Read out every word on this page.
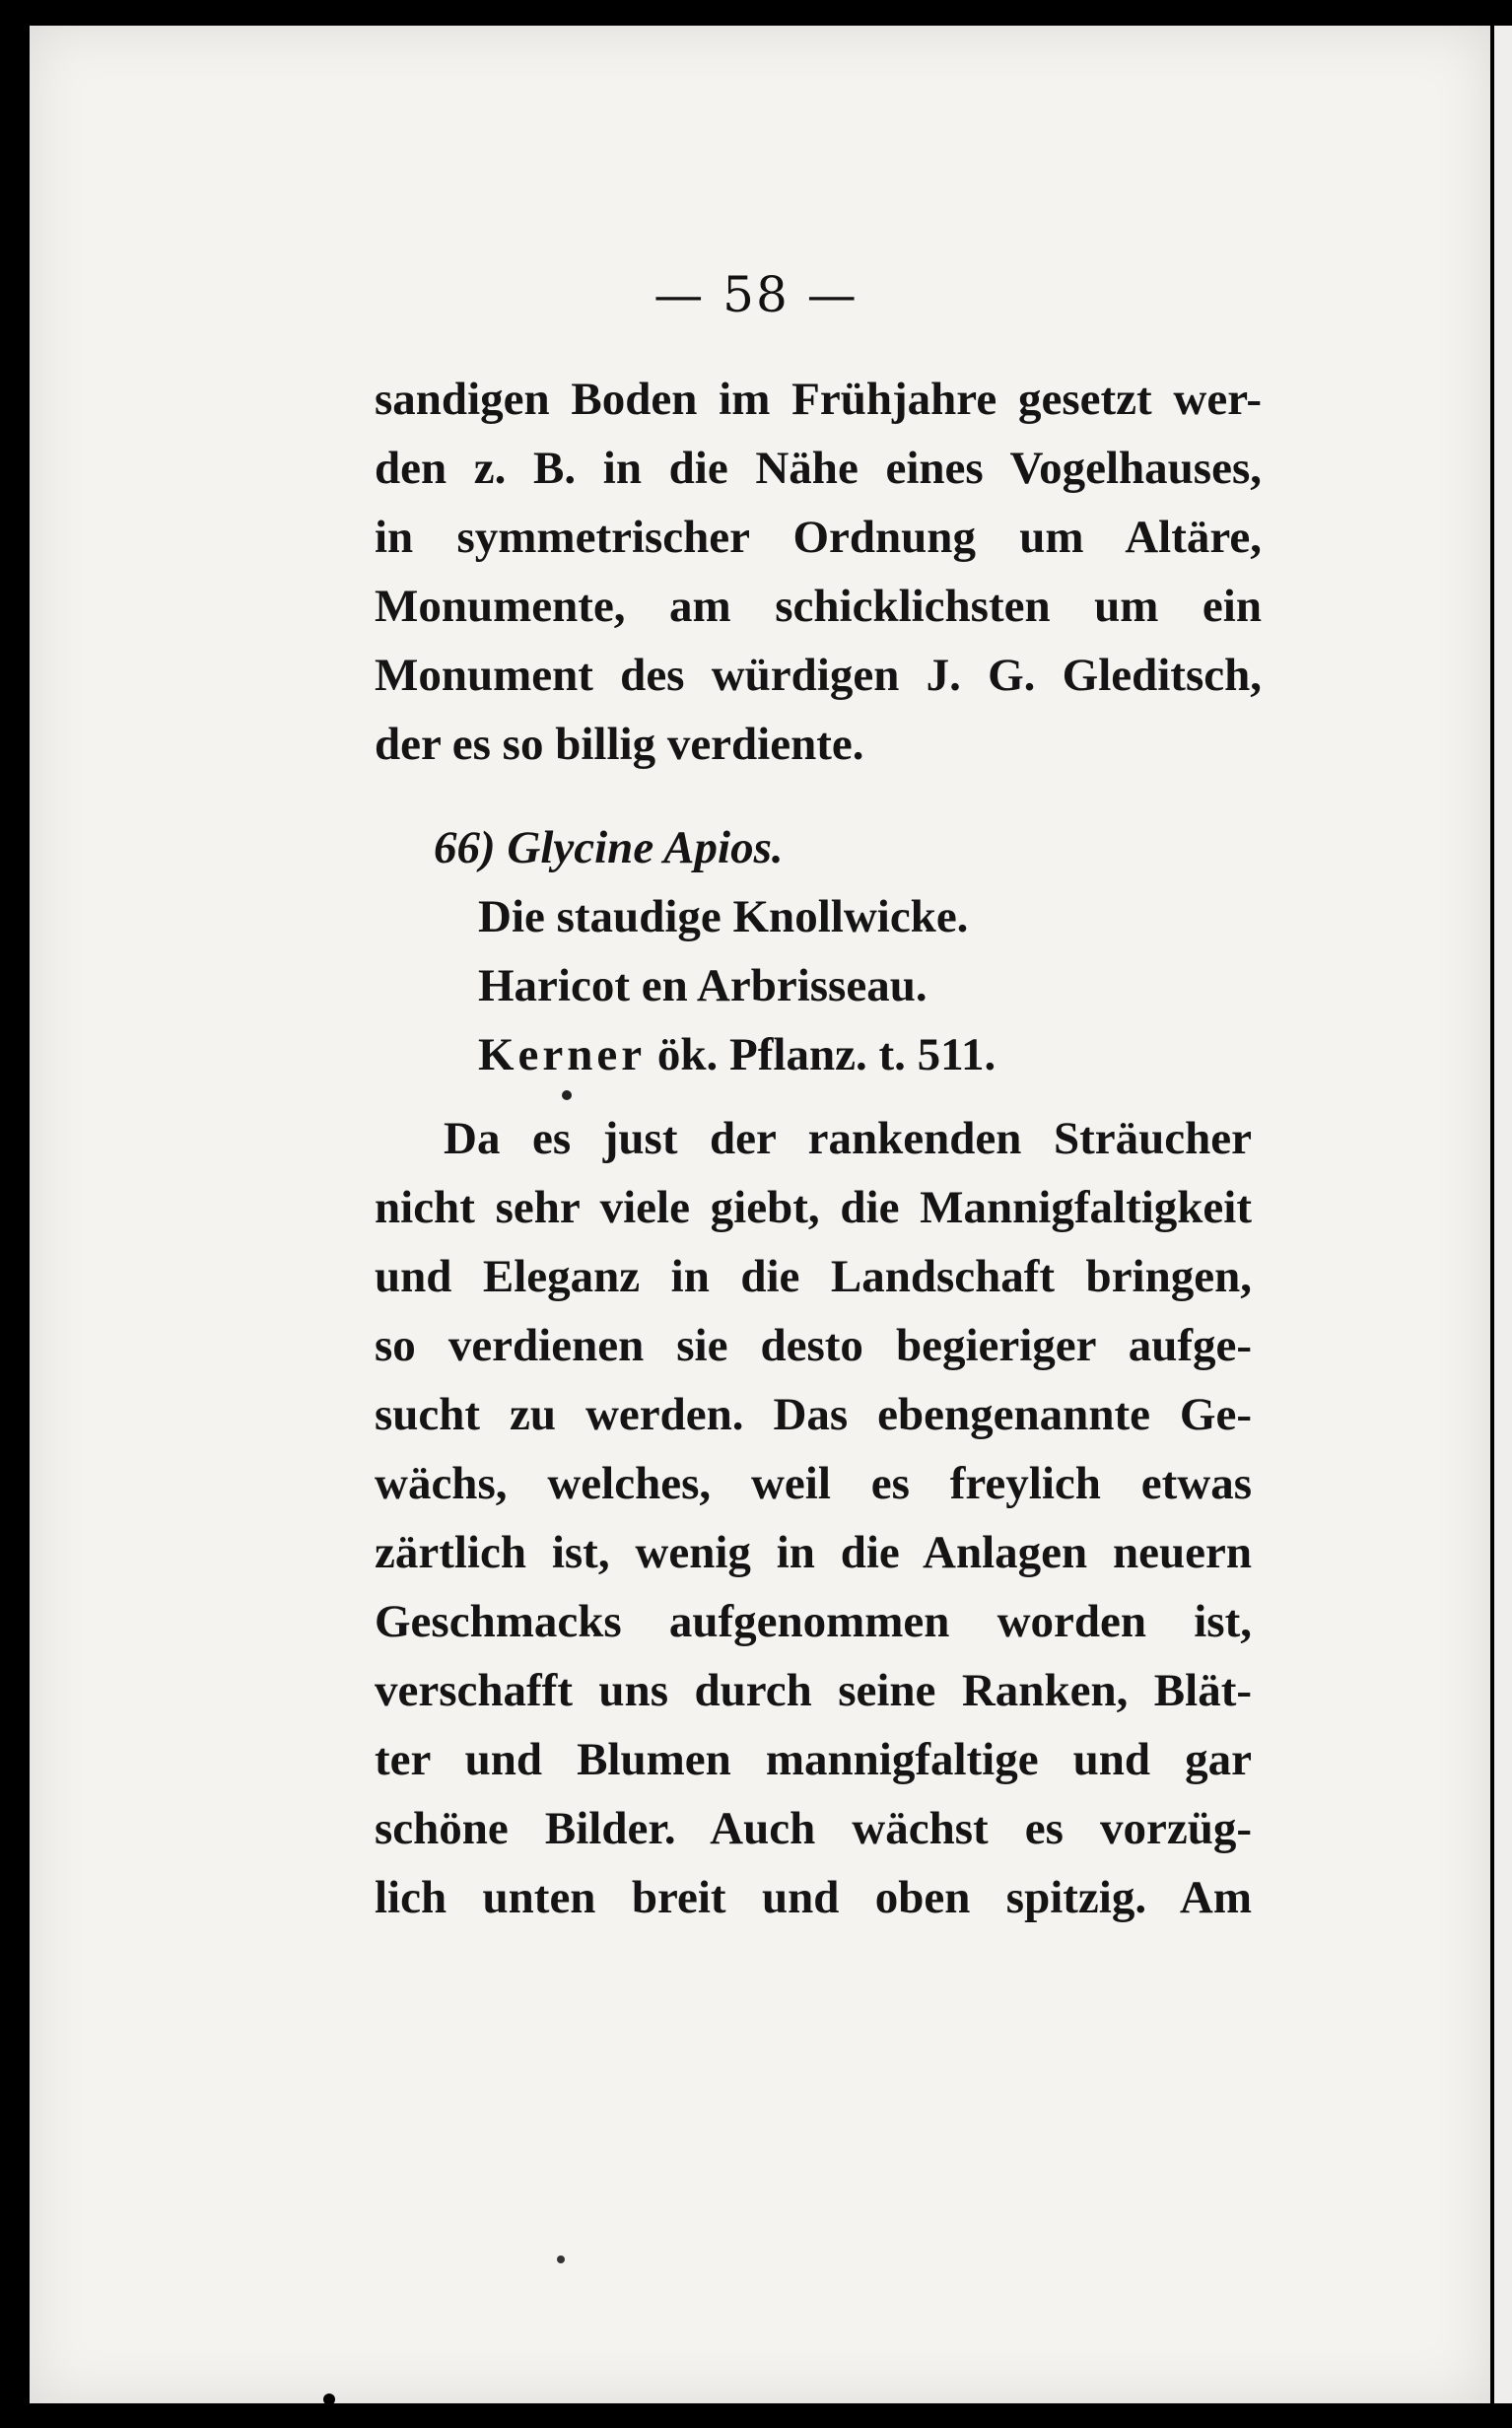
— 58 —
sandigen Boden im Frühjahre gesetzt wer-
den z. B. in die Nähe eines Vogelhauses,
in symmetrischer Ordnung um Altäre,
Monumente, am schicklichsten um ein
Monument des würdigen J. G. Gleditsch,
der es so billig verdiente.
66) Glycine Apios.
Die staudige Knollwicke.
Haricot en Arbrisseau.
Kerner ök. Pflanz. t. 511.
Da es just der rankenden Sträucher
nicht sehr viele giebt, die Mannigfaltigkeit
und Eleganz in die Landschaft bringen,
so verdienen sie desto begieriger aufge-
sucht zu werden. Das ebengenannte Ge-
wächs, welches, weil es freylich etwas
zärtlich ist, wenig in die Anlagen neuern
Geschmacks aufgenommen worden ist,
verschafft uns durch seine Ranken, Blät-
ter und Blumen mannigfaltige und gar
schöne Bilder. Auch wächst es vorzüg-
lich unten breit und oben spitzig. Am
